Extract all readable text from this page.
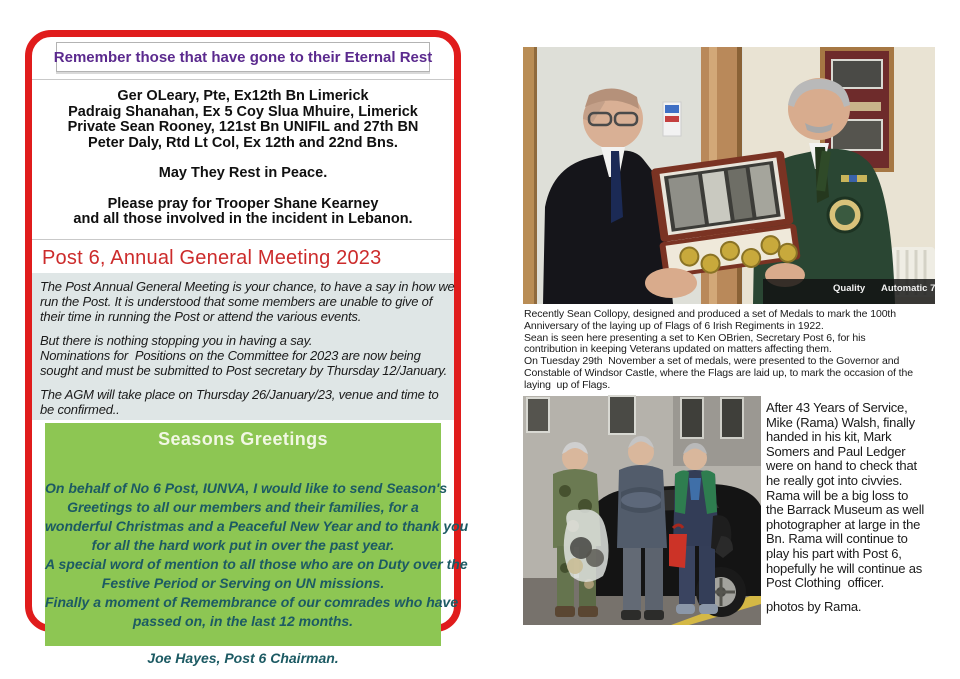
Remember those that have gone to their Eternal Rest
Ger OLeary, Pte, Ex12th Bn Limerick
Padraig Shanahan, Ex 5 Coy Slua Mhuire, Limerick
Private Sean Rooney, 121st Bn UNIFIL and 27th BN
Peter Daly, Rtd Lt Col, Ex 12th and 22nd Bns.
May They Rest in Peace.
Please pray for Trooper Shane Kearney
and all those involved in the incident in Lebanon.
Post 6, Annual General Meeting 2023

The Post Annual General Meeting is your chance, to have a say in how we
run the Post. It is understood that some members are unable to give of
their time in running the Post or attend the various events.

But there is nothing stopping you in having a say.
Nominations for  Positions on the Committee for 2023 are now being
sought and must be submitted to Post secretary by Thursday 12/January.

The AGM will take place on Thursday 26/January/23, venue and time to
be confirmed..

Seasons Greetings
On behalf of No 6 Post, IUNVA, I would like to send Season's
Greetings to all our members and their families, for a
wonderful Christmas and a Peaceful New Year and to thank you
for all the hard work put in over the past year.
A special word of mention to all those who are on Duty over the
Festive Period or Serving on UN missions.
Finally a moment of Remembrance of our comrades who have
passed on, in the last 12 months.
Joe Hayes, Post 6 Chairman.
Quality Automatic 7
Recently Sean Collopy, designed and produced a set of Medals to mark the 100th
Anniversary of the laying up of Flags of 6 Irish Regiments in 1922.
Sean is seen here presenting a set to Ken OBrien, Secretary Post 6, for his
contribution in keeping Veterans updated on matters affecting them.
On Tuesday 29th  November a set of medals, were presented to the Governor and
Constable of Windsor Castle, where the Flags are laid up, to mark the occasion of the
laying  up of Flags.
After 43 Years of Service,
Mike (Rama) Walsh, finally
handed in his kit, Mark
Somers and Paul Ledger
were on hand to check that
he really got into civvies.
Rama will be a big loss to
the Barrack Museum as well
photographer at large in the
Bn. Rama will continue to
play his part with Post 6,
hopefully he will continue as
Post Clothing  officer.
photos by Rama.
